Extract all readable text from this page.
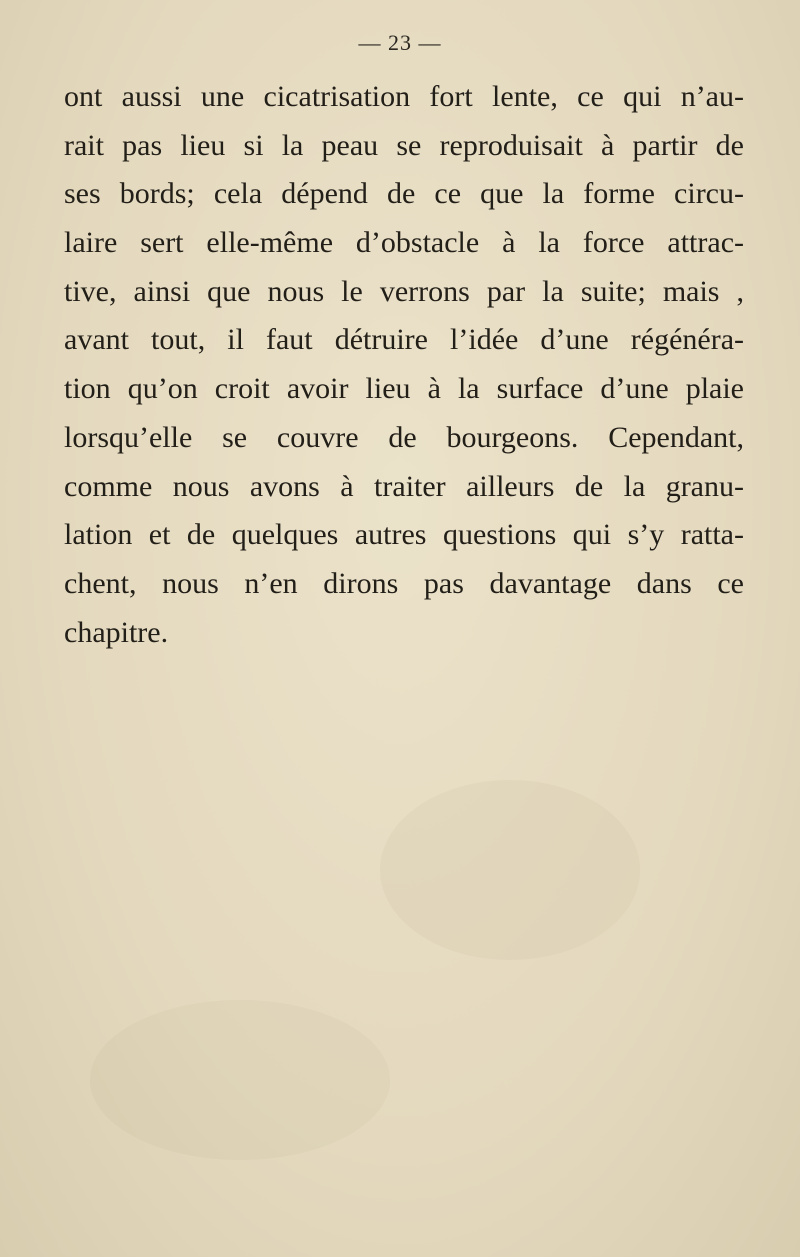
— 23 —
ont aussi une cicatrisation fort lente, ce qui n’au-
rait pas lieu si la peau se reproduisait à partir de
ses bords; cela dépend de ce que la forme circu-
laire sert elle-même d’obstacle à la force attrac-
tive, ainsi que nous le verrons par la suite; mais ,
avant tout, il faut détruire l’idée d’une régénéra-
tion qu’on croit avoir lieu à la surface d’une plaie
lorsqu’elle se couvre de bourgeons. Cependant,
comme nous avons à traiter ailleurs de la granu-
lation et de quelques autres questions qui s’y ratta-
chent, nous n’en dirons pas davantage dans ce
chapitre.
